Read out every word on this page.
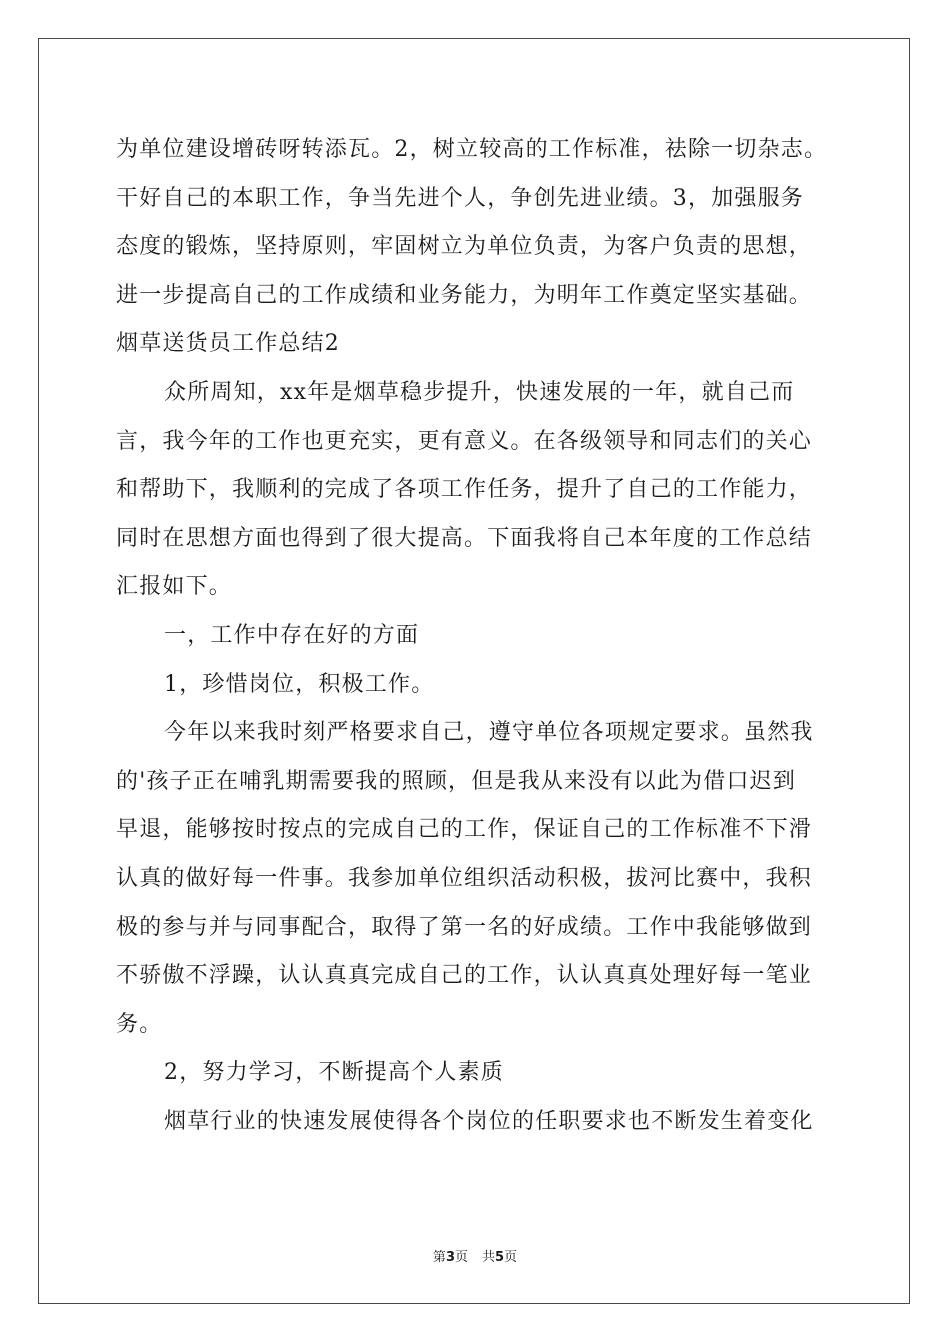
为单位建设增砖呀转添瓦。2，树立较高的工作标准，祛除一切杂志。
干好自己的本职工作，争当先进个人，争创先进业绩。3，加强服务
态度的锻炼，坚持原则，牢固树立为单位负责，为客户负责的思想，
进一步提高自己的工作成绩和业务能力，为明年工作奠定坚实基础。
烟草送货员工作总结2
众所周知，xx年是烟草稳步提升，快速发展的一年，就自己而
言，我今年的工作也更充实，更有意义。在各级领导和同志们的关心
和帮助下，我顺利的完成了各项工作任务，提升了自己的工作能力，
同时在思想方面也得到了很大提高。下面我将自己本年度的工作总结
汇报如下。
一，工作中存在好的方面
1，珍惜岗位，积极工作。
今年以来我时刻严格要求自己，遵守单位各项规定要求。虽然我
的'孩子正在哺乳期需要我的照顾，但是我从来没有以此为借口迟到
早退，能够按时按点的完成自己的工作，保证自己的工作标准不下滑
认真的做好每一件事。我参加单位组织活动积极，拔河比赛中，我积
极的参与并与同事配合，取得了第一名的好成绩。工作中我能够做到
不骄傲不浮躁，认认真真完成自己的工作，认认真真处理好每一笔业
务。
2，努力学习，不断提高个人素质
烟草行业的快速发展使得各个岗位的任职要求也不断发生着变化
第3页 共5页
